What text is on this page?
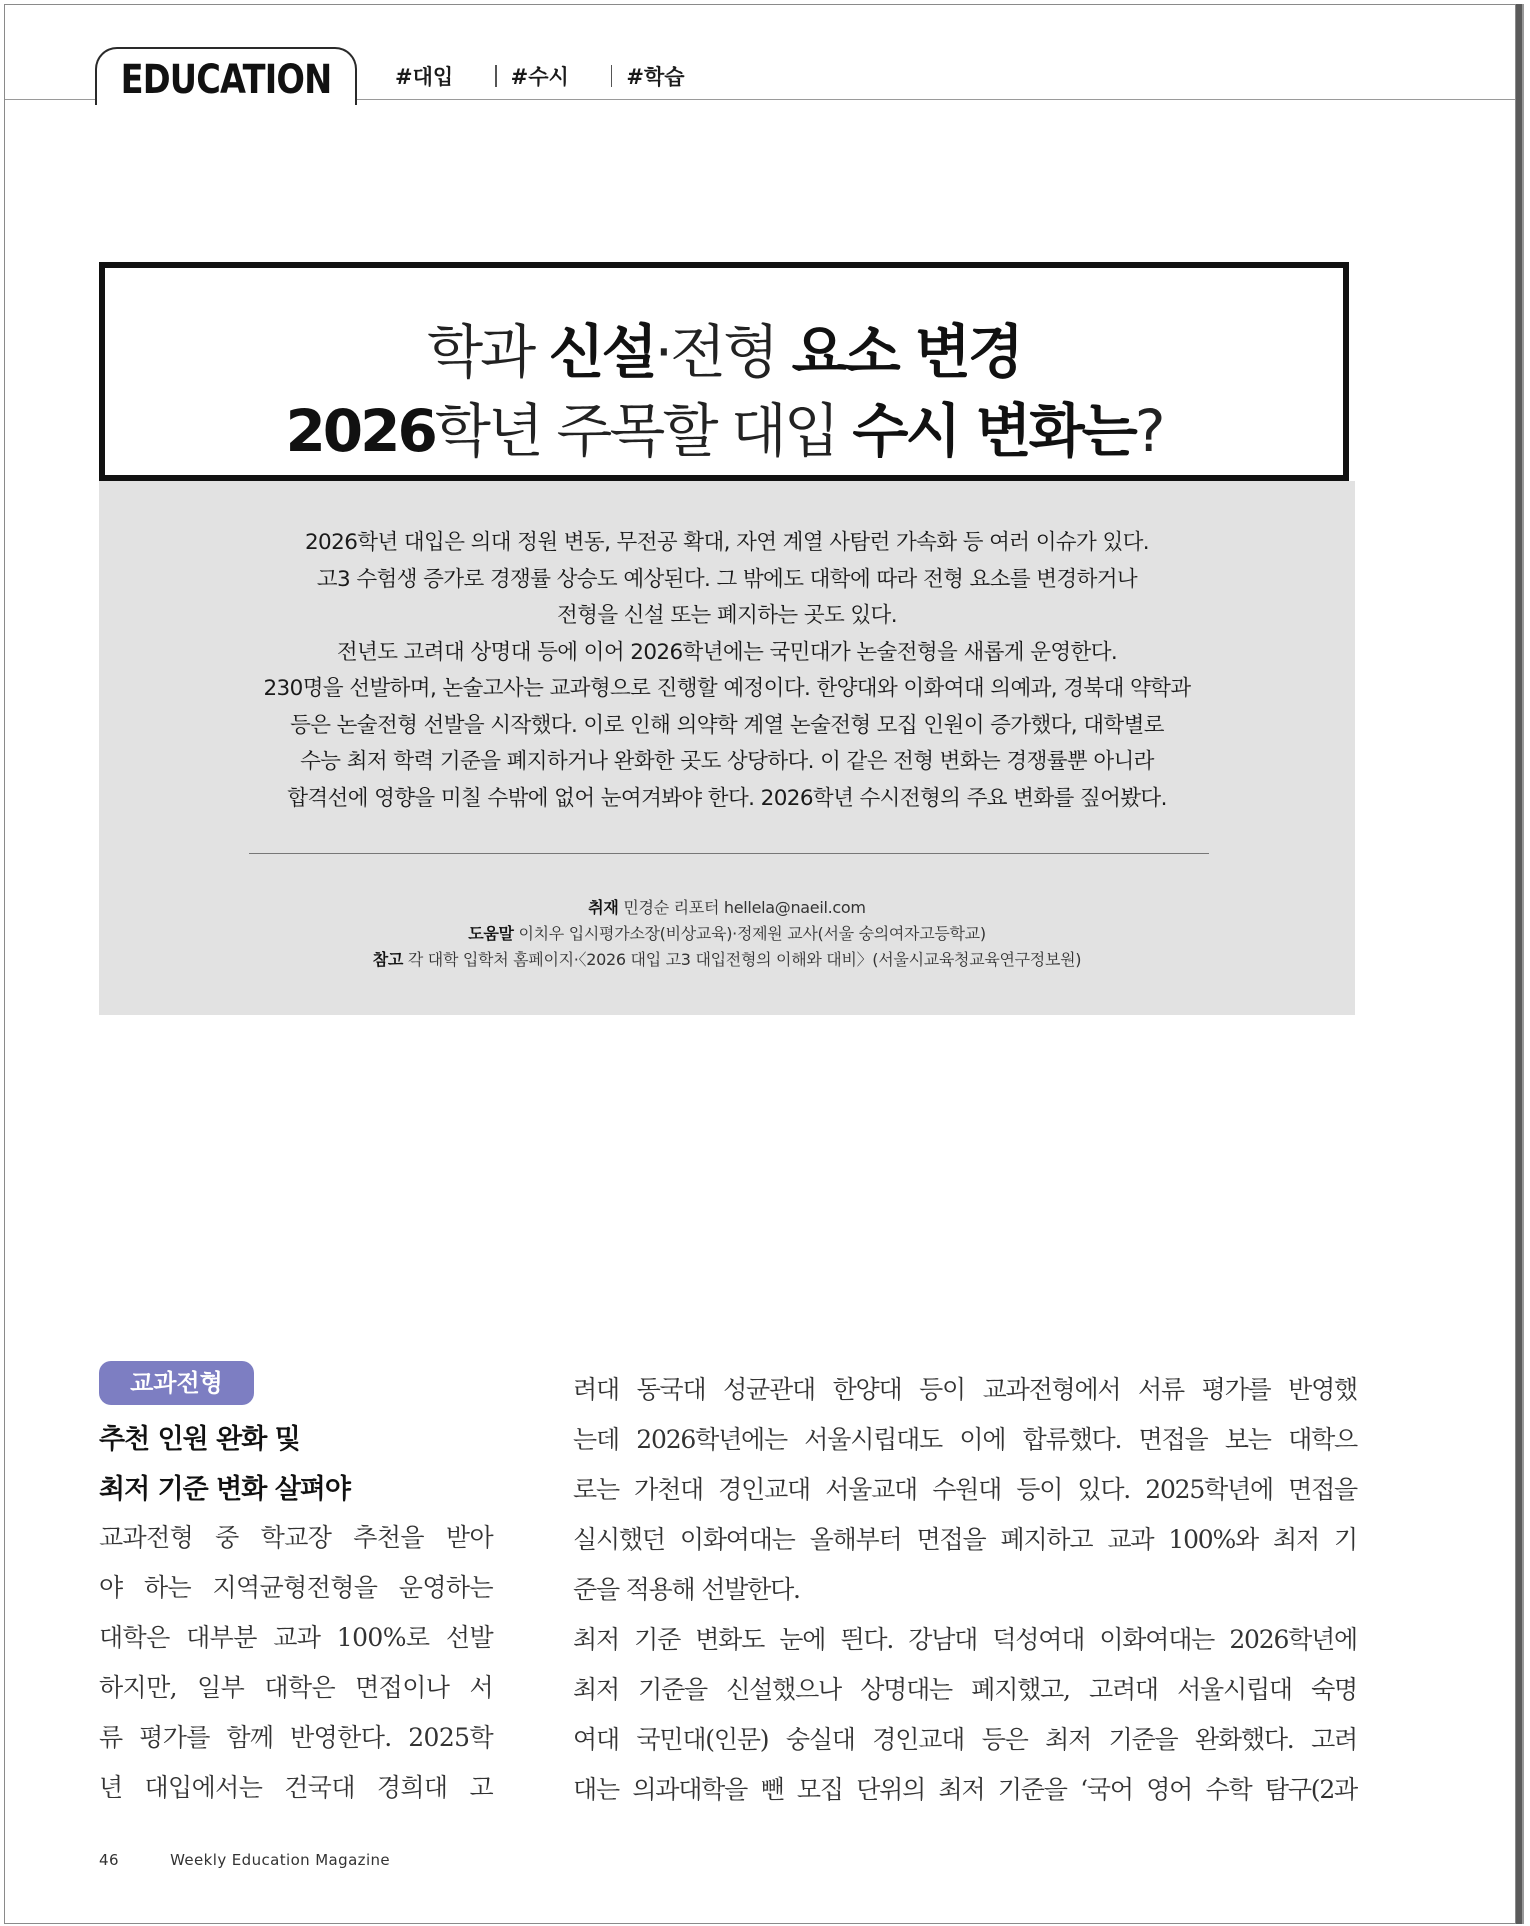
EDUCATION	#대입	#수시	#학습
학과 신설·전형 요소 변경
2026학년 주목할 대입 수시 변화는?
2026학년 대입은 의대 정원 변동, 무전공 확대, 자연 계열 사탐런 가속화 등 여러 이슈가 있다.
고3 수험생 증가로 경쟁률 상승도 예상된다. 그 밖에도 대학에 따라 전형 요소를 변경하거나
전형을 신설 또는 폐지하는 곳도 있다.
전년도 고려대 상명대 등에 이어 2026학년에는 국민대가 논술전형을 새롭게 운영한다.
230명을 선발하며, 논술고사는 교과형으로 진행할 예정이다. 한양대와 이화여대 의예과, 경북대 약학과
등은 논술전형 선발을 시작했다. 이로 인해 의약학 계열 논술전형 모집 인원이 증가했다, 대학별로
수능 최저 학력 기준을 폐지하거나 완화한 곳도 상당하다. 이 같은 전형 변화는 경쟁률뿐 아니라
합격선에 영향을 미칠 수밖에 없어 눈여겨봐야 한다. 2026학년 수시전형의 주요 변화를 짚어봤다.
취재 민경순 리포터 hellela@naeil.com
도움말 이치우 입시평가소장(비상교육)·정제원 교사(서울 숭의여자고등학교)
참고 각 대학 입학처 홈페이지·〈2026 대입 고3 대입전형의 이해와 대비〉(서울시교육청교육연구정보원)
교과전형
추천 인원 완화 및
최저 기준 변화 살펴야
교과전형 중 학교장 추천을 받아
야 하는 지역균형전형을 운영하는
대학은 대부분 교과 100%로 선발
하지만, 일부 대학은 면접이나 서
류 평가를 함께 반영한다. 2025학
년 대입에서는 건국대 경희대 고
려대 동국대 성균관대 한양대 등이 교과전형에서 서류 평가를 반영했
는데 2026학년에는 서울시립대도 이에 합류했다. 면접을 보는 대학으
로는 가천대 경인교대 서울교대 수원대 등이 있다. 2025학년에 면접을
실시했던 이화여대는 올해부터 면접을 폐지하고 교과 100%와 최저 기
준을 적용해 선발한다.
최저 기준 변화도 눈에 띈다. 강남대 덕성여대 이화여대는 2026학년에
최저 기준을 신설했으나 상명대는 폐지했고, 고려대 서울시립대 숙명
여대 국민대(인문) 숭실대 경인교대 등은 최저 기준을 완화했다. 고려
대는 의과대학을 뺀 모집 단위의 최저 기준을 ‘국어 영어 수학 탐구(2과
46	Weekly Education Magazine
